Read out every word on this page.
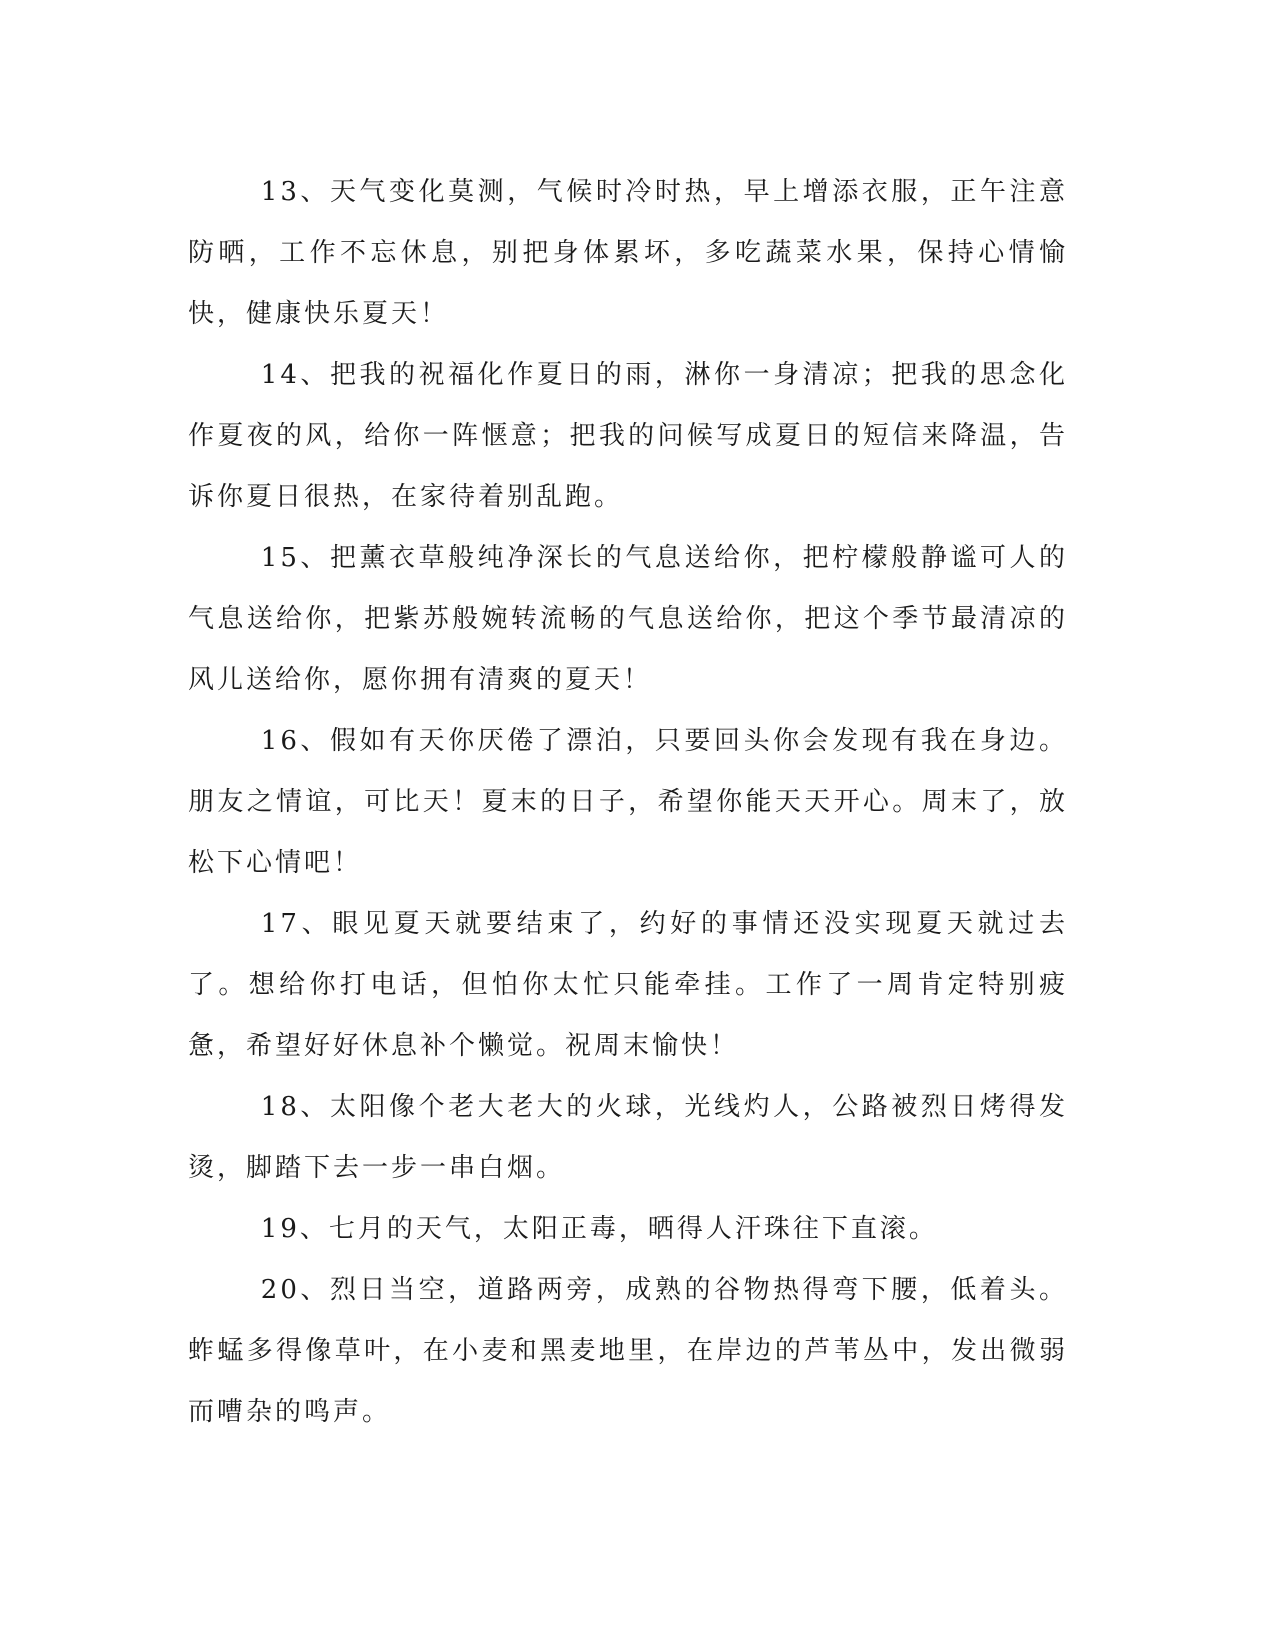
13、天气变化莫测，气候时冷时热，早上增添衣服，正午注意防晒，工作不忘休息，别把身体累坏，多吃蔬菜水果，保持心情愉快，健康快乐夏天！

14、把我的祝福化作夏日的雨，淋你一身清凉；把我的思念化作夏夜的风，给你一阵惬意；把我的问候写成夏日的短信来降温，告诉你夏日很热，在家待着别乱跑。

15、把薰衣草般纯净深长的气息送给你，把柠檬般静谧可人的气息送给你，把紫苏般婉转流畅的气息送给你，把这个季节最清凉的风儿送给你，愿你拥有清爽的夏天！

16、假如有天你厌倦了漂泊，只要回头你会发现有我在身边。朋友之情谊，可比天！夏末的日子，希望你能天天开心。周末了，放松下心情吧！

17、眼见夏天就要结束了，约好的事情还没实现夏天就过去了。想给你打电话，但怕你太忙只能牵挂。工作了一周肯定特别疲惫，希望好好休息补个懒觉。祝周末愉快！

18、太阳像个老大老大的火球，光线灼人，公路被烈日烤得发烫，脚踏下去一步一串白烟。

19、七月的天气，太阳正毒，晒得人汗珠往下直滚。

20、烈日当空，道路两旁，成熟的谷物热得弯下腰，低着头。蚱蜢多得像草叶，在小麦和黑麦地里，在岸边的芦苇丛中，发出微弱而嘈杂的鸣声。
